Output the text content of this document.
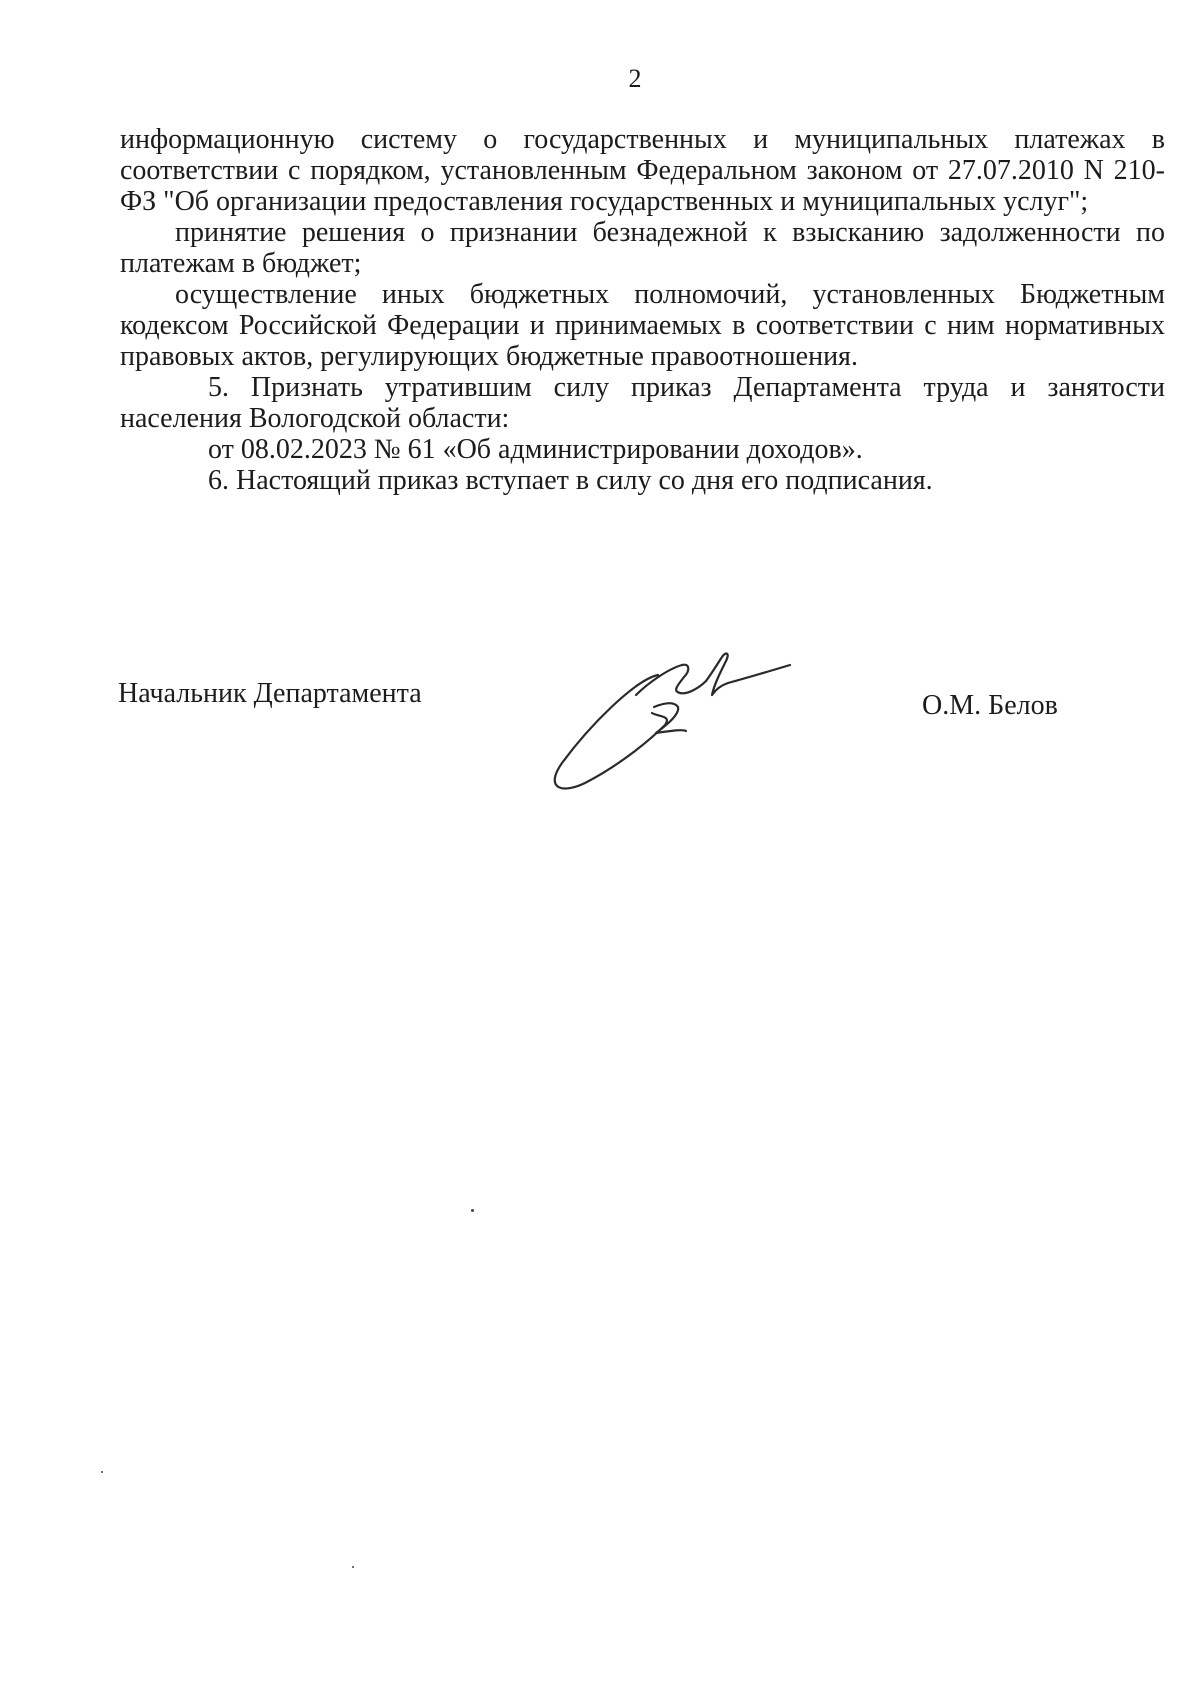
2

информационную систему о государственных и муниципальных платежах в соответствии с порядком, установленным Федеральном законом от 27.07.2010 N 210-ФЗ "Об организации предоставления государственных и муниципальных услуг";

принятие решения о признании безнадежной к взысканию задолженности по платежам в бюджет;

осуществление иных бюджетных полномочий, установленных Бюджетным кодексом Российской Федерации и принимаемых в соответствии с ним нормативных правовых актов, регулирующих бюджетные правоотношения.

5. Признать утратившим силу приказ Департамента труда и занятости населения Вологодской области:

от 08.02.2023 № 61 «Об администрировании доходов».

6. Настоящий приказ вступает в силу со дня его подписания.

Начальник Департамента	О.М. Белов
